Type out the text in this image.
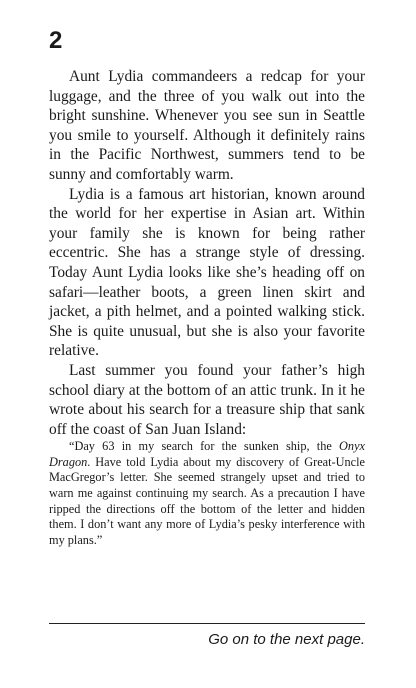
2

Aunt Lydia commandeers a redcap for your luggage, and the three of you walk out into the bright sunshine. Whenever you see sun in Seattle you smile to yourself. Although it definitely rains in the Pacific Northwest, summers tend to be sunny and comfortably warm.

Lydia is a famous art historian, known around the world for her expertise in Asian art. Within your family she is known for being rather eccentric. She has a strange style of dressing. Today Aunt Lydia looks like she’s heading off on safari—leather boots, a green linen skirt and jacket, a pith helmet, and a pointed walking stick. She is quite unusual, but she is also your favorite relative.

Last summer you found your father’s high school diary at the bottom of an attic trunk. In it he wrote about his search for a treasure ship that sank off the coast of San Juan Island:

“Day 63 in my search for the sunken ship, the Onyx Dragon. Have told Lydia about my discovery of Great-Uncle MacGregor’s letter. She seemed strangely upset and tried to warn me against continuing my search. As a precaution I have ripped the directions off the bottom of the letter and hidden them. I don’t want any more of Lydia’s pesky interference with my plans.”

Go on to the next page.
